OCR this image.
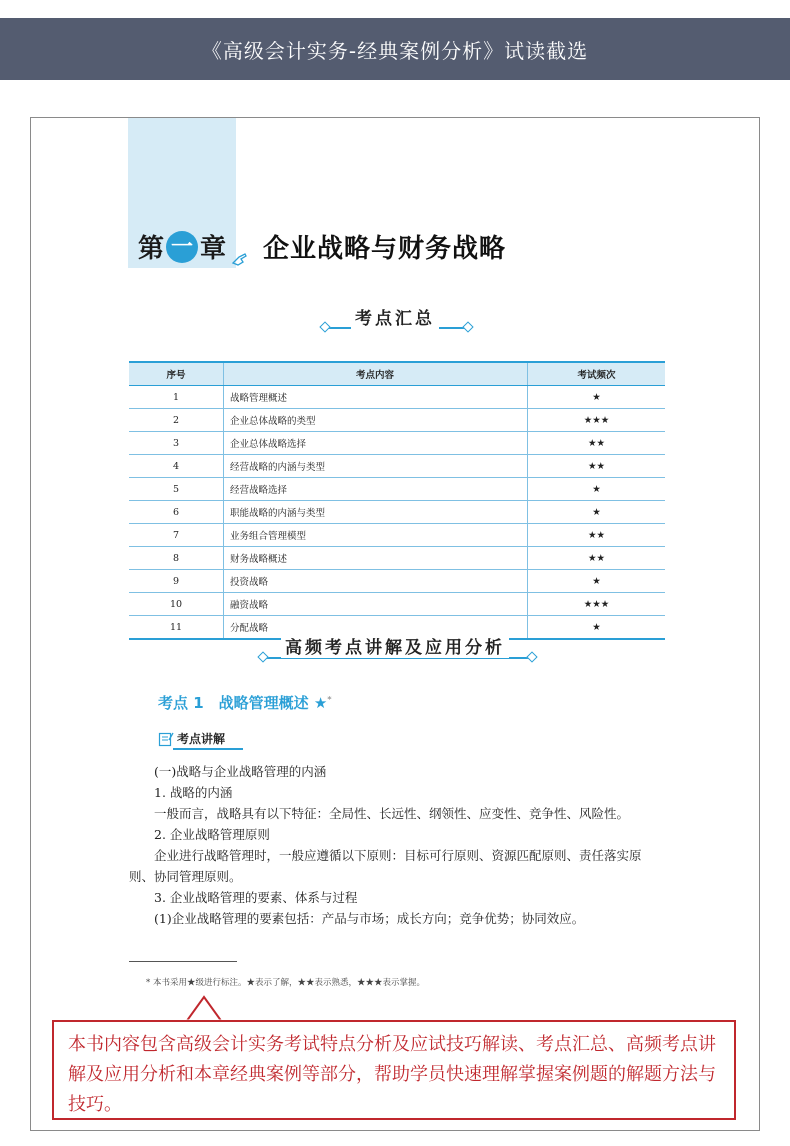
《高级会计实务-经典案例分析》试读截选
第 一 章 企业战略与财务战略
考点汇总
序号	考点内容	考试频次
1	战略管理概述	★
2	企业总体战略的类型	★★★
3	企业总体战略选择	★★
4	经营战略的内涵与类型	★★
5	经营战略选择	★
6	职能战略的内涵与类型	★
7	业务组合管理模型	★★
8	财务战略概述	★★
9	投资战略	★
10	融资战略	★★★
11	分配战略	★
高频考点讲解及应用分析
考点 1　战略管理概述 ★*
考点讲解

(一)战略与企业战略管理的内涵

1. 战略的内涵

一般而言，战略具有以下特征：全局性、长远性、纲领性、应变性、竞争性、风险性。

2. 企业战略管理原则

企业进行战略管理时，一般应遵循以下原则：目标可行原则、资源匹配原则、责任落实原则、协同管理原则。

3. 企业战略管理的要素、体系与过程

(1)企业战略管理的要素包括：产品与市场；成长方向；竞争优势；协同效应。

* 本书采用★级进行标注。★表示了解，★★表示熟悉，★★★表示掌握。
本书内容包含高级会计实务考试特点分析及应试技巧解读、考点汇总、高频考点讲解及应用分析和本章经典案例等部分，帮助学员快速理解掌握案例题的解题方法与技巧。
